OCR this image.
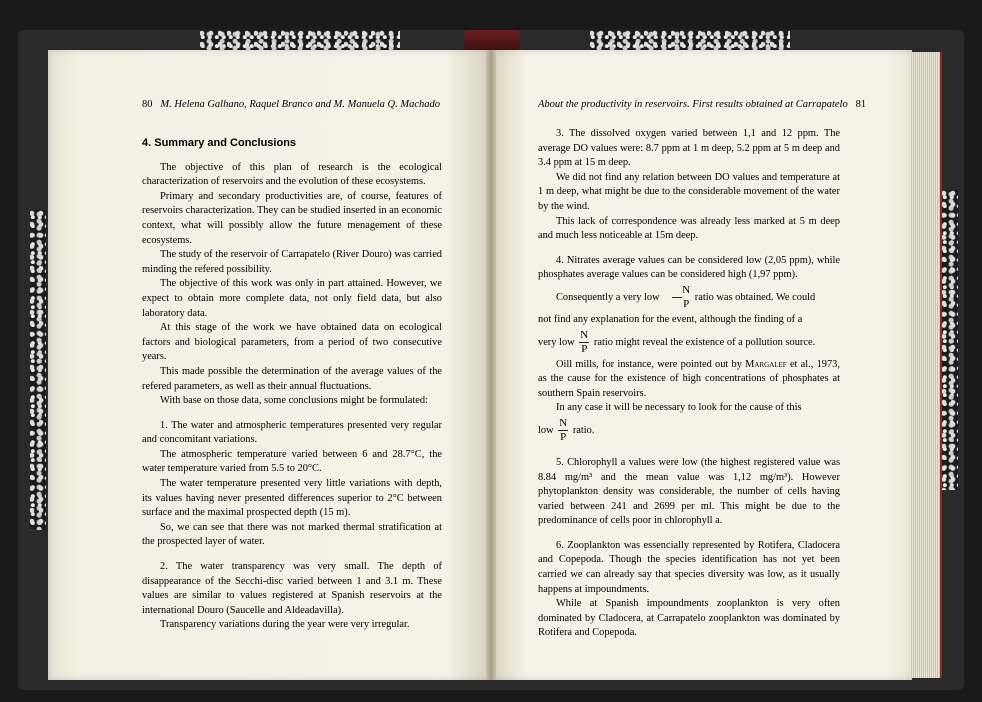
80 M. Helena Galhano, Raquel Branco and M. Manuela Q. Machado
4. Summary and Conclusions

The objective of this plan of research is the ecological characterization of reservoirs and the evolution of these ecosystems.

Primary and secondary productivities are, of course, features of reservoirs characterization. They can be studied inserted in an economic context, what will possibly allow the future menagement of these ecosystems.

The study of the reservoir of Carrapatelo (River Douro) was carried minding the refered possibility.

The objective of this work was only in part attained. However, we expect to obtain more complete data, not only field data, but also laboratory data.

At this stage of the work we have obtained data on ecological factors and biological parameters, from a period of two consecutive years.

This made possible the determination of the average values of the refered parameters, as well as their annual fluctuations.

With base on those data, some conclusions might be formulated:

1. The water and atmospheric temperatures presented very regular and concomitant variations.

The atmospheric temperature varied between 6 and 28.7°C, the water temperature varied from 5.5 to 20°C.

The water temperature presented very little variations with depth, its values having never presented differences superior to 2°C between surface and the maximal prospected depth (15 m).

So, we can see that there was not marked thermal stratification at the prospected layer of water.

2. The water transparency was very small. The depth of disappearance of the Secchi-disc varied between 1 and 3.1 m. These values are similar to values registered at Spanish reservoirs at the international Douro (Saucelle and Aldeadavilla).

Transparency variations during the year were very irregular.

About the productivity in reservoirs. First results obtained at Carrapatelo 81

3. The dissolved oxygen varied between 1,1 and 12 ppm. The average DO values were: 8.7 ppm at 1 m deep, 5.2 ppm at 5 m deep and 3.4 ppm at 15 m deep.

We did not find any relation between DO values and temperature at 1 m deep, what might be due to the considerable movement of the water by the wind.

This lack of correspondence was already less marked at 5 m deep and much less noticeable at 15m deep.

4. Nitrates average values can be considered low (2,05 ppm), while phosphates average values can be considered high (1,97 ppm).

Consequently a very low $\frac{N}{P}$ ratio was obtained. We could

not find any explanation for the event, although the finding of a

very low $\frac{N}{P}$ ratio might reveal the existence of a pollution source.

Oill mills, for instance, were pointed out by Margalef et al., 1973, as the cause for the existence of high concentrations of phosphates at southern Spain reservoirs.

In any case it will be necessary to look for the cause of this

low $\frac{N}{P}$ ratio.

5. Chlorophyll a values were low (the highest registered value was 8.84 mg/m³ and the mean value was 1,12 mg/m³). However phytoplankton density was considerable, the number of cells having varied between 241 and 2699 per ml. This might be due to the predominance of cells poor in chlorophyll a.

6. Zooplankton was essencially represented by Rotifera, Cladocera and Copepoda. Though the species identification has not yet been carried we can already say that species diversity was low, as it usually happens at impoundments.

While at Spanish impoundments zooplankton is very often dominated by Cladocera, at Carrapatelo zooplankton was dominated by Rotifera and Copepoda.
